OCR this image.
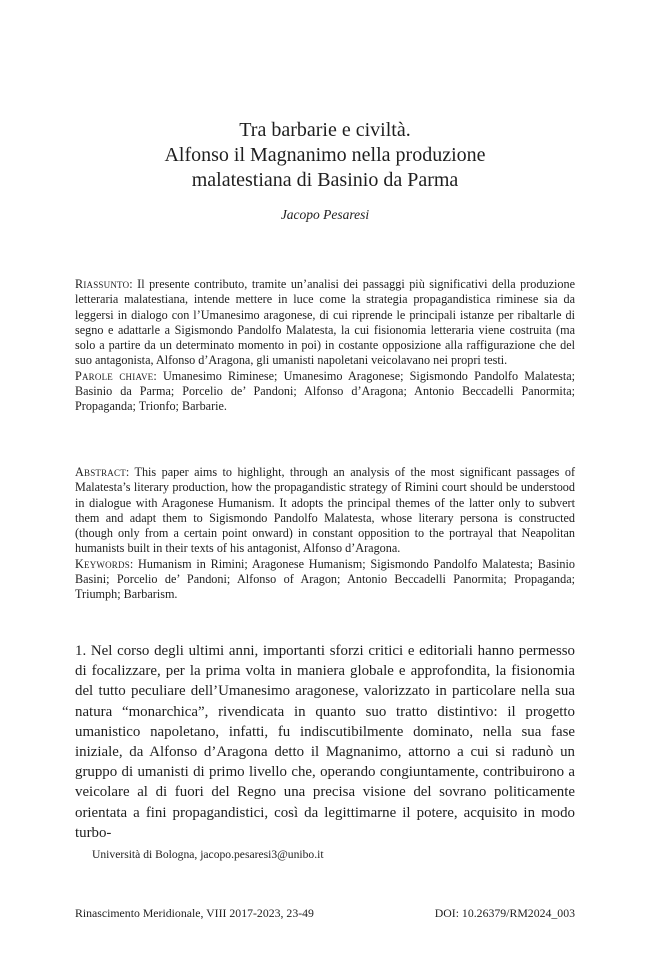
Tra barbarie e civiltà.
Alfonso il Magnanimo nella produzione
malatestiana di Basinio da Parma
Jacopo Pesaresi

Riassunto: Il presente contributo, tramite un’analisi dei passaggi più significativi della produzione letteraria malatestiana, intende mettere in luce come la strategia propagandistica riminese sia da leggersi in dialogo con l’Umanesimo aragonese, di cui riprende le principali istanze per ribaltarle di segno e adattarle a Sigismondo Pandolfo Malatesta, la cui fisionomia letteraria viene costruita (ma solo a partire da un determinato momento in poi) in costante opposizione alla raffigurazione che del suo antagonista, Alfonso d’Aragona, gli umanisti napoletani veicolavano nei propri testi.

Parole chiave: Umanesimo Riminese; Umanesimo Aragonese; Sigismondo Pandolfo Malatesta; Basinio da Parma; Porcelio de’ Pandoni; Alfonso d’Aragona; Antonio Beccadelli Panormita; Propaganda; Trionfo; Barbarie.

Abstract: This paper aims to highlight, through an analysis of the most significant passages of Malatesta’s literary production, how the propagandistic strategy of Rimini court should be understood in dialogue with Aragonese Humanism. It adopts the principal themes of the latter only to subvert them and adapt them to Sigismondo Pandolfo Malatesta, whose literary persona is constructed (though only from a certain point onward) in constant opposition to the portrayal that Neapolitan humanists built in their texts of his antagonist, Alfonso d’Aragona.

Keywords: Humanism in Rimini; Aragonese Humanism; Sigismondo Pandolfo Malatesta; Basinio Basini; Porcelio de’ Pandoni; Alfonso of Aragon; Antonio Beccadelli Panormita; Propaganda; Triumph; Barbarism.

1. Nel corso degli ultimi anni, importanti sforzi critici e editoriali hanno permesso di focalizzare, per la prima volta in maniera globale e approfondita, la fisionomia del tutto peculiare dell’Umanesimo aragonese, valorizzato in particolare nella sua natura “monarchica”, rivendicata in quanto suo tratto distintivo: il progetto umanistico napoletano, infatti, fu indiscutibilmente dominato, nella sua fase iniziale, da Alfonso d’Aragona detto il Magnanimo, attorno a cui si radunò un gruppo di umanisti di primo livello che, operando congiuntamente, contribuirono a veicolare al di fuori del Regno una precisa visione del sovrano politicamente orientata a fini propagandistici, così da legittimarne il potere, acquisito in modo turbo-

Università di Bologna, jacopo.pesaresi3@unibo.it
Rinascimento Meridionale, VIII 2017-2023, 23-49	DOI: 10.26379/RM2024_003
